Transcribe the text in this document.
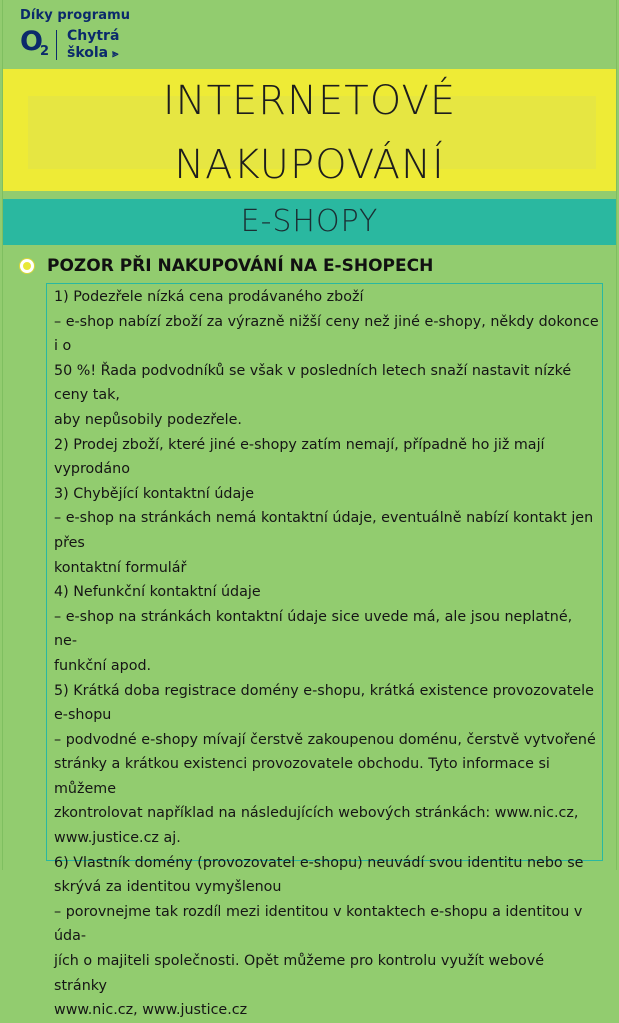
Díky programu
O
2
Chytrá
škola ⪢
INTERNETOVÉ
NAKUPOVÁNÍ
E-SHOPY
POZOR PŘI NAKUPOVÁNÍ NA E-SHOPECH

1) Podezřele nízká cena prodávaného zboží

– e-shop nabízí zboží za výrazně nižší ceny než jiné e-shopy, někdy dokonce i o

50 %! Řada podvodníků se však v posledních letech snaží nastavit nízké ceny tak,

aby nepůsobily podezřele.

2) Prodej zboží, které jiné e-shopy zatím nemají, případně ho již mají vyprodáno

3) Chybějící kontaktní údaje

– e-shop na stránkách nemá kontaktní údaje, eventuálně nabízí kontakt jen přes

kontaktní formulář

4) Nefunkční kontaktní údaje

– e-shop na stránkách kontaktní údaje sice uvede má, ale jsou neplatné, ne-

funkční apod.

5) Krátká doba registrace domény e-shopu, krátká existence provozovatele

e-shopu

– podvodné e-shopy mívají čerstvě zakoupenou doménu, čerstvě vytvořené

stránky a krátkou existenci provozovatele obchodu. Tyto informace si můžeme

zkontrolovat například na následujících webových stránkách: www.nic.cz,

www.justice.cz aj.

6) Vlastník domény (provozovatel e-shopu) neuvádí svou identitu nebo se

skrývá za identitou vymyšlenou

– porovnejme tak rozdíl mezi identitou v kontaktech e-shopu a identitou v úda-

jích o majiteli společnosti. Opět můžeme pro kontrolu využít webové stránky

www.nic.cz, www.justice.cz
